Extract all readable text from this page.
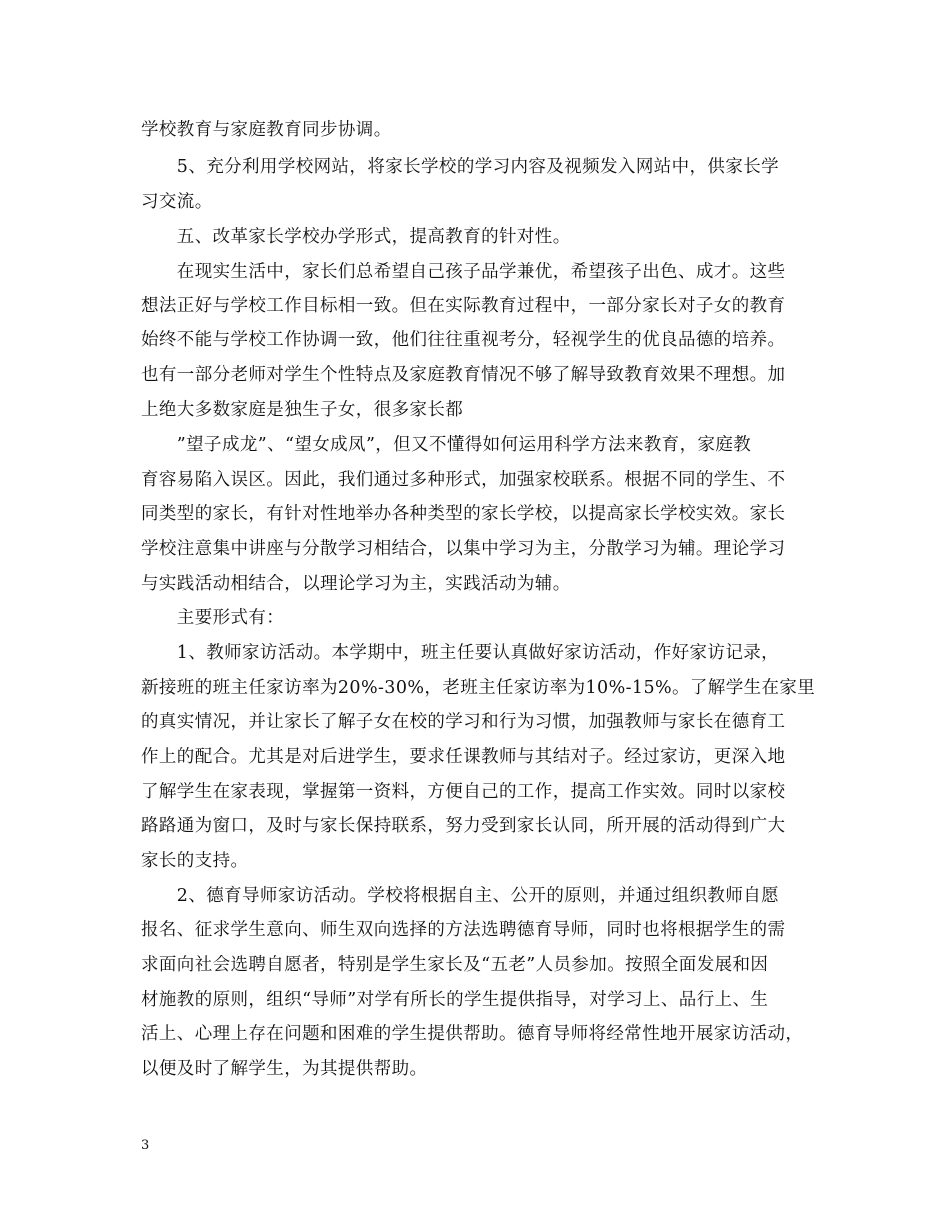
学校教育与家庭教育同步协调。
　　5、充分利用学校网站，将家长学校的学习内容及视频发入网站中，供家长学
习交流。
　　五、改革家长学校办学形式，提高教育的针对性。
　　在现实生活中，家长们总希望自己孩子品学兼优，希望孩子出色、成才。这些
想法正好与学校工作目标相一致。但在实际教育过程中，一部分家长对子女的教育
始终不能与学校工作协调一致，他们往往重视考分，轻视学生的优良品德的培养。
也有一部分老师对学生个性特点及家庭教育情况不够了解导致教育效果不理想。加
上绝大多数家庭是独生子女，很多家长都
　　”望子成龙”、“望女成凤”，但又不懂得如何运用科学方法来教育，家庭教
育容易陷入误区。因此，我们通过多种形式，加强家校联系。根据不同的学生、不
同类型的家长，有针对性地举办各种类型的家长学校，以提高家长学校实效。家长
学校注意集中讲座与分散学习相结合，以集中学习为主，分散学习为辅。理论学习
与实践活动相结合，以理论学习为主，实践活动为辅。
　　主要形式有：
　　1、教师家访活动。本学期中，班主任要认真做好家访活动，作好家访记录，
新接班的班主任家访率为20%-30%，老班主任家访率为10%-15%。了解学生在家里
的真实情况，并让家长了解子女在校的学习和行为习惯，加强教师与家长在德育工
作上的配合。尤其是对后进学生，要求任课教师与其结对子。经过家访，更深入地
了解学生在家表现，掌握第一资料，方便自己的工作，提高工作实效。同时以家校
路路通为窗口，及时与家长保持联系，努力受到家长认同，所开展的活动得到广大
家长的支持。
　　2、德育导师家访活动。学校将根据自主、公开的原则，并通过组织教师自愿
报名、征求学生意向、师生双向选择的方法选聘德育导师，同时也将根据学生的需
求面向社会选聘自愿者，特别是学生家长及“五老”人员参加。按照全面发展和因
材施教的原则，组织“导师”对学有所长的学生提供指导，对学习上、品行上、生
活上、心理上存在问题和困难的学生提供帮助。德育导师将经常性地开展家访活动，
以便及时了解学生，为其提供帮助。
3
